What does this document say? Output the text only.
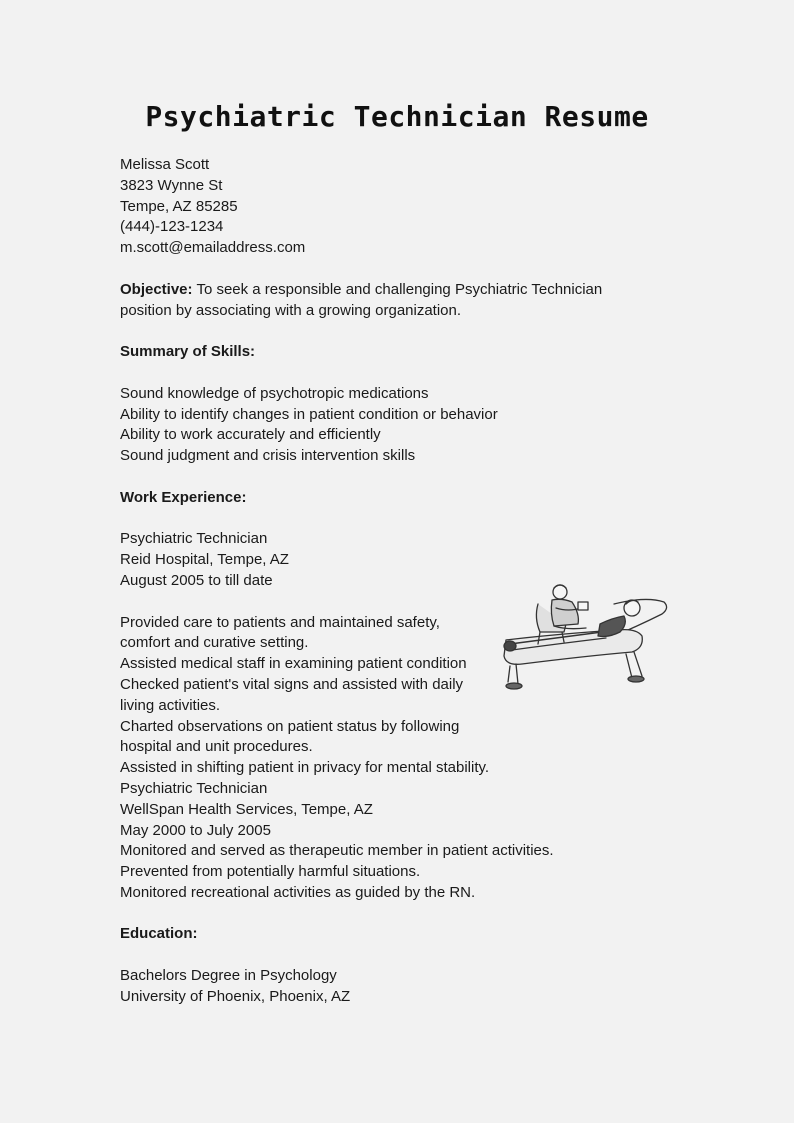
Psychiatric Technician Resume
Melissa Scott
3823 Wynne St
Tempe, AZ 85285
(444)-123-1234
m.scott@emailaddress.com
Objective: To seek a responsible and challenging Psychiatric Technician
position by associating with a growing organization.
Summary of Skills:
Sound knowledge of psychotropic medications
Ability to identify changes in patient condition or behavior
Ability to work accurately and efficiently
Sound judgment and crisis intervention skills
Work Experience:
Psychiatric Technician
Reid Hospital, Tempe, AZ
August 2005 to till date
Provided care to patients and maintained safety,
comfort and curative setting.
Assisted medical staff in examining patient condition
Checked patient's vital signs and assisted with daily
living activities.
Charted observations on patient status by following
hospital and unit procedures.
Assisted in shifting patient in privacy for mental stability.
Psychiatric Technician
WellSpan Health Services, Tempe, AZ
May 2000 to July 2005
Monitored and served as therapeutic member in patient activities.
Prevented from potentially harmful situations.
Monitored recreational activities as guided by the RN.
Education:
Bachelors Degree in Psychology
University of Phoenix, Phoenix, AZ
